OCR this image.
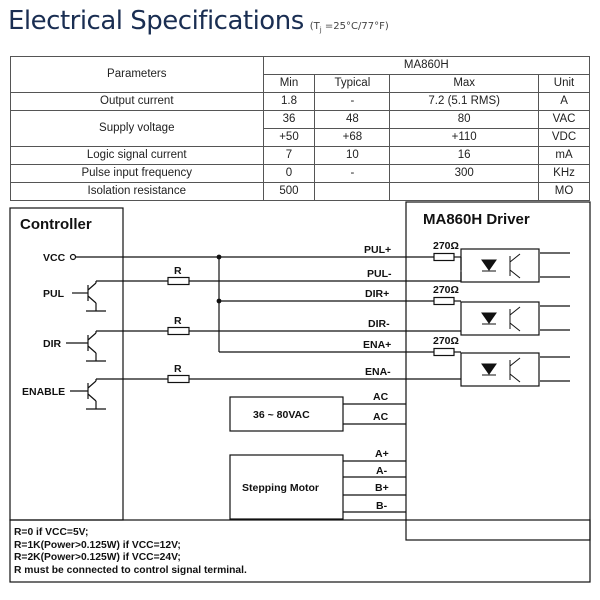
Electrical Specifications $(T_j =25^\circ C/77^\circ F)$
Parameters	MA860H			
	Min	Typical	Max	Unit
Output current	1.8	-	7.2 (5.1 RMS)	A
Supply voltage	36	48	80	VAC
	+50	+68	+110	VDC
Logic signal current	7	10	16	mA
Pulse input frequency	0	-	300	KHz
Isolation resistance	500			MO
Controller	MA860H Driver
VCC
PUL
DIR
ENABLE
R
R
R
PUL+
PUL-
DIR+
DIR-
ENA+
ENA-
AC
AC
A+
A-
B+
B-
270Ω
270Ω
270Ω
36 ~ 80VAC
Stepping Motor
R=0 if VCC=5V;
R=1K(Power>0.125W) if VCC=12V;
R=2K(Power>0.125W) if VCC=24V;
R must be connected to control signal terminal.
